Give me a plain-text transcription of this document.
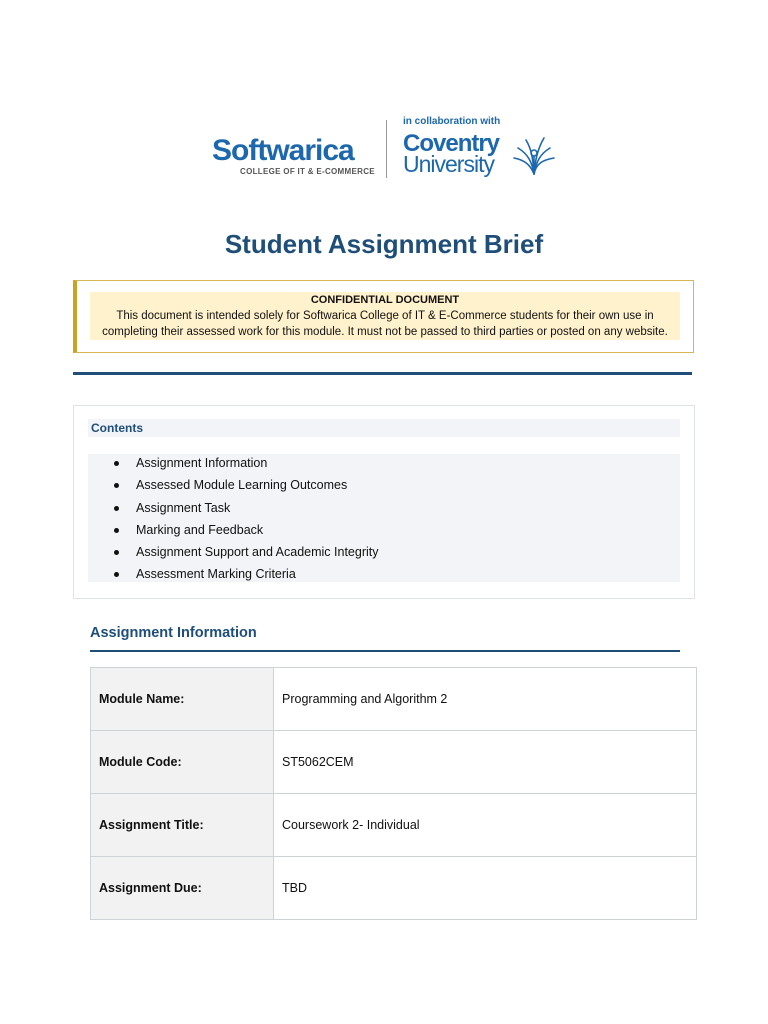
Softwarica
COLLEGE OF IT & E-COMMERCE
in collaboration with
Coventry
University
Student Assignment Brief
CONFIDENTIAL DOCUMENT
This document is intended solely for Softwarica College of IT & E-Commerce students for their own use in
completing their assessed work for this module. It must not be passed to third parties or posted on any website.
Contents
Assignment Information
Assessed Module Learning Outcomes
Assignment Task
Marking and Feedback
Assignment Support and Academic Integrity
Assessment Marking Criteria
Assignment Information
Module Name:	Programming and Algorithm 2
Module Code:	ST5062CEM
Assignment Title:	Coursework 2- Individual
Assignment Due:	TBD
